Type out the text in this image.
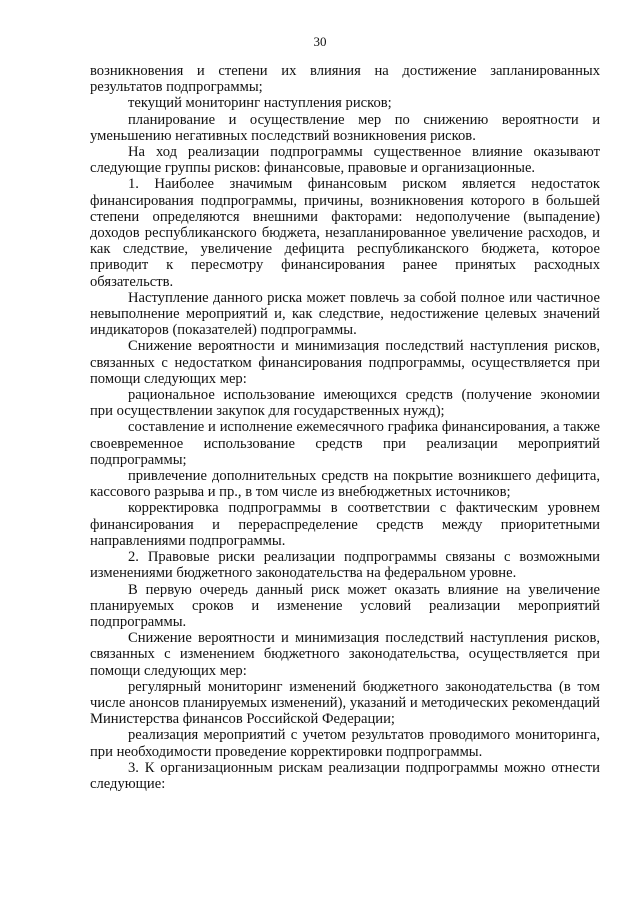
30

возникновения и степени их влияния на достижение запланированных результатов подпрограммы;

текущий мониторинг наступления рисков;

планирование и осуществление мер по снижению вероятности и уменьшению негативных последствий возникновения рисков.

На ход реализации подпрограммы существенное влияние оказывают следующие группы рисков: финансовые, правовые и организационные.

1. Наиболее значимым финансовым риском является недостаток финансирования подпрограммы, причины, возникновения которого в большей степени определяются внешними факторами: недополучение (выпадение) доходов республиканского бюджета, незапланированное увеличение расходов, и как следствие, увеличение дефицита республиканского бюджета, которое приводит к пересмотру финансирования ранее принятых расходных обязательств.

Наступление данного риска может повлечь за собой полное или частичное невыполнение мероприятий и, как следствие, недостижение целевых значений индикаторов (показателей) подпрограммы.

Снижение вероятности и минимизация последствий наступления рисков, связанных с недостатком финансирования подпрограммы, осуществляется при помощи следующих мер:

рациональное использование имеющихся средств (получение экономии при осуществлении закупок для государственных нужд);

составление и исполнение ежемесячного графика финансирования, а также своевременное использование средств при реализации мероприятий подпрограммы;

привлечение дополнительных средств на покрытие возникшего дефицита, кассового разрыва и пр., в том числе из внебюджетных источников;

корректировка подпрограммы в соответствии с фактическим уровнем финансирования и перераспределение средств между приоритетными направлениями подпрограммы.

2. Правовые риски реализации подпрограммы связаны с возможными изменениями бюджетного законодательства на федеральном уровне.

В первую очередь данный риск может оказать влияние на увеличение планируемых сроков и изменение условий реализации мероприятий подпрограммы.

Снижение вероятности и минимизация последствий наступления рисков, связанных с изменением бюджетного законодательства, осуществляется при помощи следующих мер:

регулярный мониторинг изменений бюджетного законодательства (в том числе анонсов планируемых изменений), указаний и методических рекомендаций Министерства финансов Российской Федерации;

реализация мероприятий с учетом результатов проводимого мониторинга, при необходимости проведение корректировки подпрограммы.

3. К организационным рискам реализации подпрограммы можно отнести следующие:
